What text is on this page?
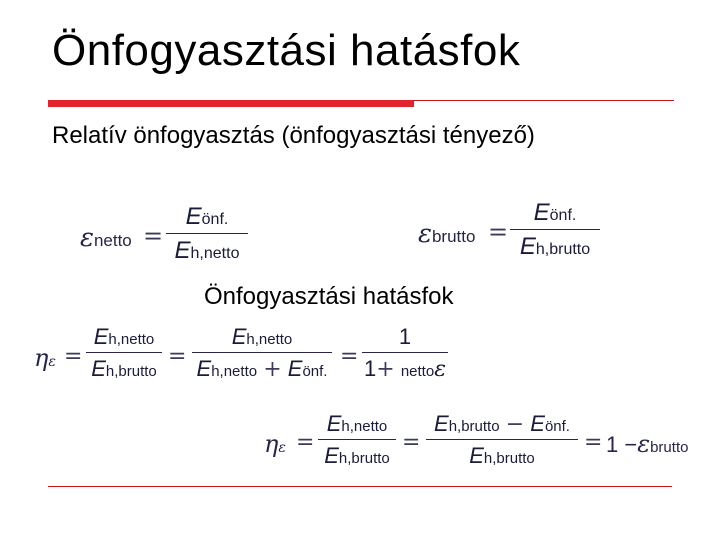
Önfogyasztási hatásfok
Relatív önfogyasztás (önfogyasztási tényező)
εnetto =
Eönf.
Eh,netto
εbrutto =
Eönf.
Eh,brutto
Önfogyasztási hatásfok
ηε =
Eh,netto
Eh,brutto
=
Eh,netto
Eh,netto + Eönf.
=
1
1+ nettoε
ηε =
Eh,netto
Eh,brutto
=
Eh,brutto − Eönf.
Eh,brutto
= 1 −εbrutto
